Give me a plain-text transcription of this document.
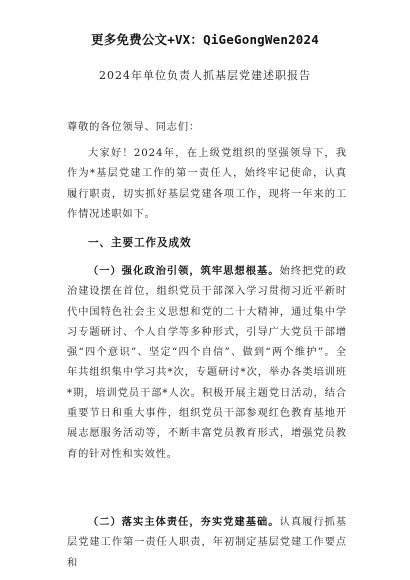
更多免费公文+VX：QiGeGongWen2024
2024年单位负责人抓基层党建述职报告

尊敬的各位领导、同志们：

大家好！2024年，在上级党组织的坚强领导下，我作为*基层党建工作的第一责任人，始终牢记使命，认真履行职责，切实抓好基层党建各项工作，现将一年来的工作情况述职如下。

一、主要工作及成效

（一）强化政治引领，筑牢思想根基。始终把党的政治建设摆在首位，组织党员干部深入学习贯彻习近平新时代中国特色社会主义思想和党的二十大精神，通过集中学习专题研讨、个人自学等多种形式，引导广大党员干部增强“四个意识”、坚定“四个自信”、做到“两个维护”。全年共组织集中学习共*次，专题研讨*次，举办各类培训班*期，培训党员干部*人次。积极开展主题党日活动，结合重要节日和重大事件，组织党员干部参观红色教育基地开展志愿服务活动等，不断丰富党员教育形式，增强党员教育的针对性和实效性。

（二）落实主体责任，夯实党建基础。认真履行抓基层党建工作第一责任人职责，年初制定基层党建工作要点和
